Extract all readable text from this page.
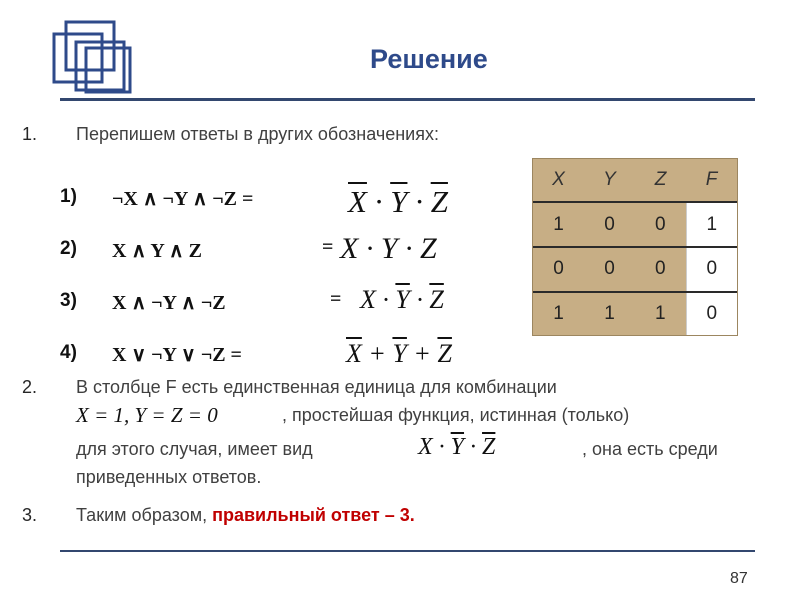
Решение
1. Перепишем ответы в других обозначениях:
1) ¬X ∧ ¬Y ∧ ¬Z =	$\overline{X} \cdot \overline{Y} \cdot \overline{Z}$
2) X ∧ Y ∧ Z	= X · Y · Z
3) X ∧ ¬Y ∧ ¬Z	= $X \cdot \overline{Y} \cdot \overline{Z}$
4) X ∨ ¬Y ∨ ¬Z =	$\overline{X} + \overline{Y} + \overline{Z}$
X	Y	Z	F
1	0	0	1
0	0	0	0
1	1	1	0
2. В столбце F есть единственная единица для комбинации
X = 1, Y = Z = 0	, простейшая функция, истинная (только)
для этого случая, имеет вид	$X \cdot \overline{Y} \cdot \overline{Z}$	, она есть среди
приведенных ответов.
3. Таким образом, правильный ответ – 3.
87
